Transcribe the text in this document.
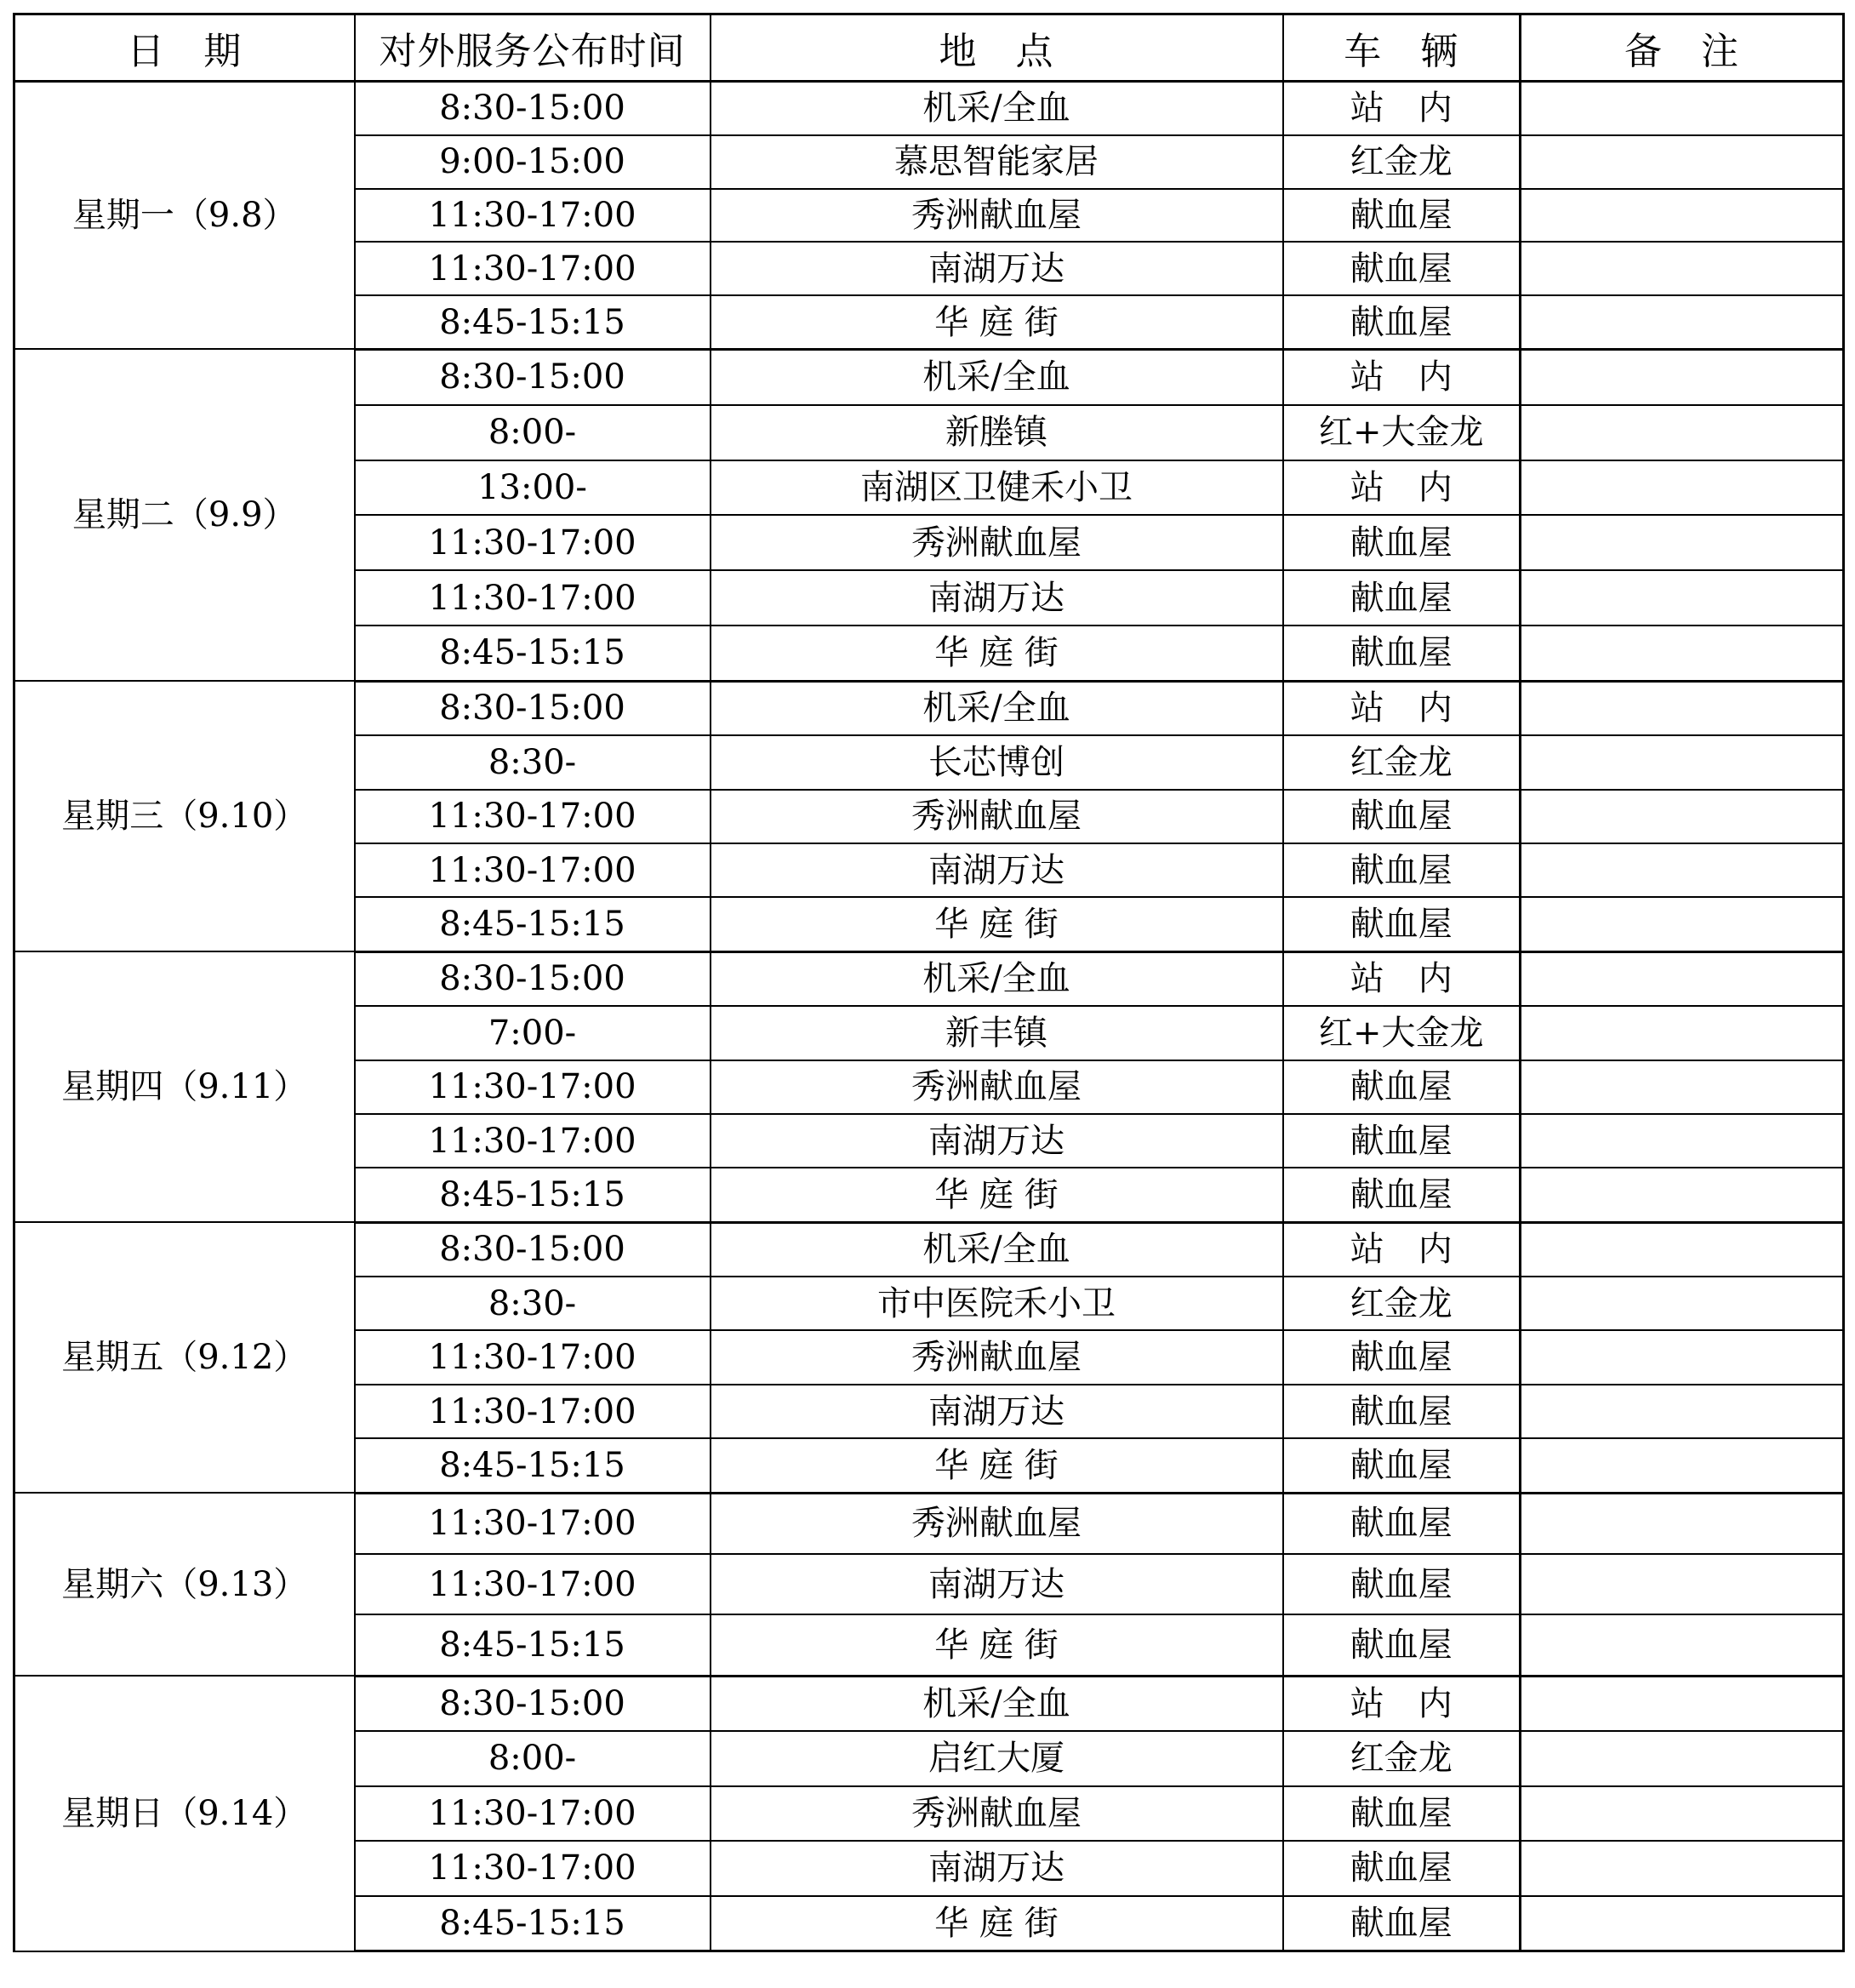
日　期	对外服务公布时间	地　点	车　辆	备　注
星期一（9.8）	8:30-15:00	机采/全血	站　内	
	9:00-15:00	慕思智能家居	红金龙	
	11:30-17:00	秀洲献血屋	献血屋	
	11:30-17:00	南湖万达	献血屋	
	8:45-15:15	华 庭 街	献血屋	
星期二（9.9）	8:30-15:00	机采/全血	站　内	
	8:00-	新塍镇	红+大金龙	
	13:00-	南湖区卫健禾小卫	站　内	
	11:30-17:00	秀洲献血屋	献血屋	
	11:30-17:00	南湖万达	献血屋	
	8:45-15:15	华 庭 街	献血屋	
星期三（9.10）	8:30-15:00	机采/全血	站　内	
	8:30-	长芯博创	红金龙	
	11:30-17:00	秀洲献血屋	献血屋	
	11:30-17:00	南湖万达	献血屋	
	8:45-15:15	华 庭 街	献血屋	
星期四（9.11）	8:30-15:00	机采/全血	站　内	
	7:00-	新丰镇	红+大金龙	
	11:30-17:00	秀洲献血屋	献血屋	
	11:30-17:00	南湖万达	献血屋	
	8:45-15:15	华 庭 街	献血屋	
星期五（9.12）	8:30-15:00	机采/全血	站　内	
	8:30-	市中医院禾小卫	红金龙	
	11:30-17:00	秀洲献血屋	献血屋	
	11:30-17:00	南湖万达	献血屋	
	8:45-15:15	华 庭 街	献血屋	
星期六（9.13）	11:30-17:00	秀洲献血屋	献血屋	
	11:30-17:00	南湖万达	献血屋	
	8:45-15:15	华 庭 街	献血屋	
星期日（9.14）	8:30-15:00	机采/全血	站　内	
	8:00-	启红大厦	红金龙	
	11:30-17:00	秀洲献血屋	献血屋	
	11:30-17:00	南湖万达	献血屋	
	8:45-15:15	华 庭 街	献血屋	
